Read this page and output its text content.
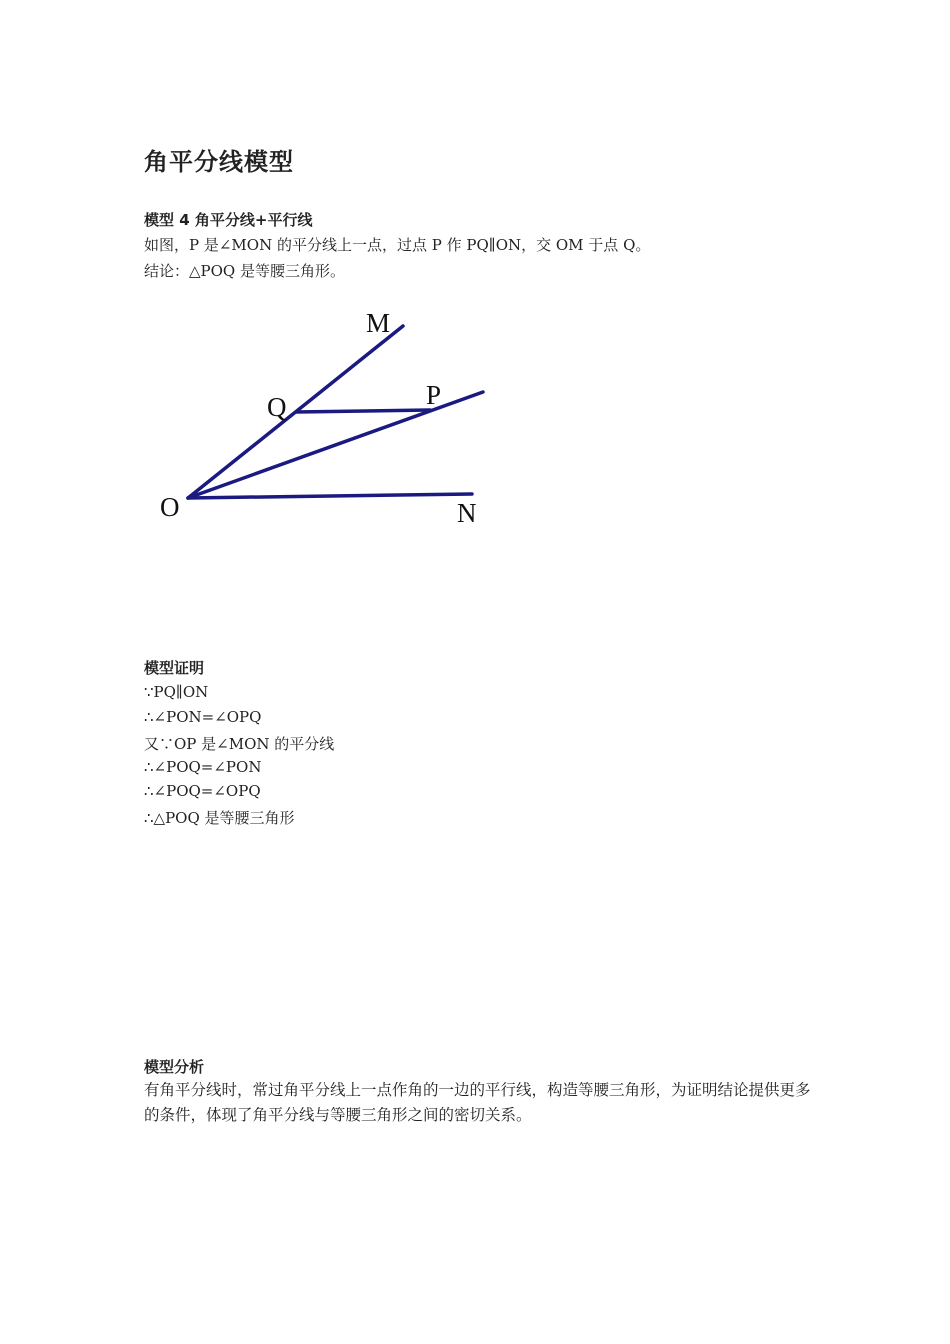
角平分线模型
模型 4 角平分线+平行线
如图，P 是∠MON 的平分线上一点，过点 P 作 PQ∥ON，交 OM 于点 Q。
结论：△POQ 是等腰三角形。
M
P
Q
O	N
模型证明
∵PQ∥ON
∴∠PON=∠OPQ
又∵OP 是∠MON 的平分线
∴∠POQ=∠PON
∴∠POQ=∠OPQ
∴△POQ 是等腰三角形
模型分析
有角平分线时，常过角平分线上一点作角的一边的平行线，构造等腰三角形，为证明结论提供更多的条件，体现了角平分线与等腰三角形之间的密切关系。
